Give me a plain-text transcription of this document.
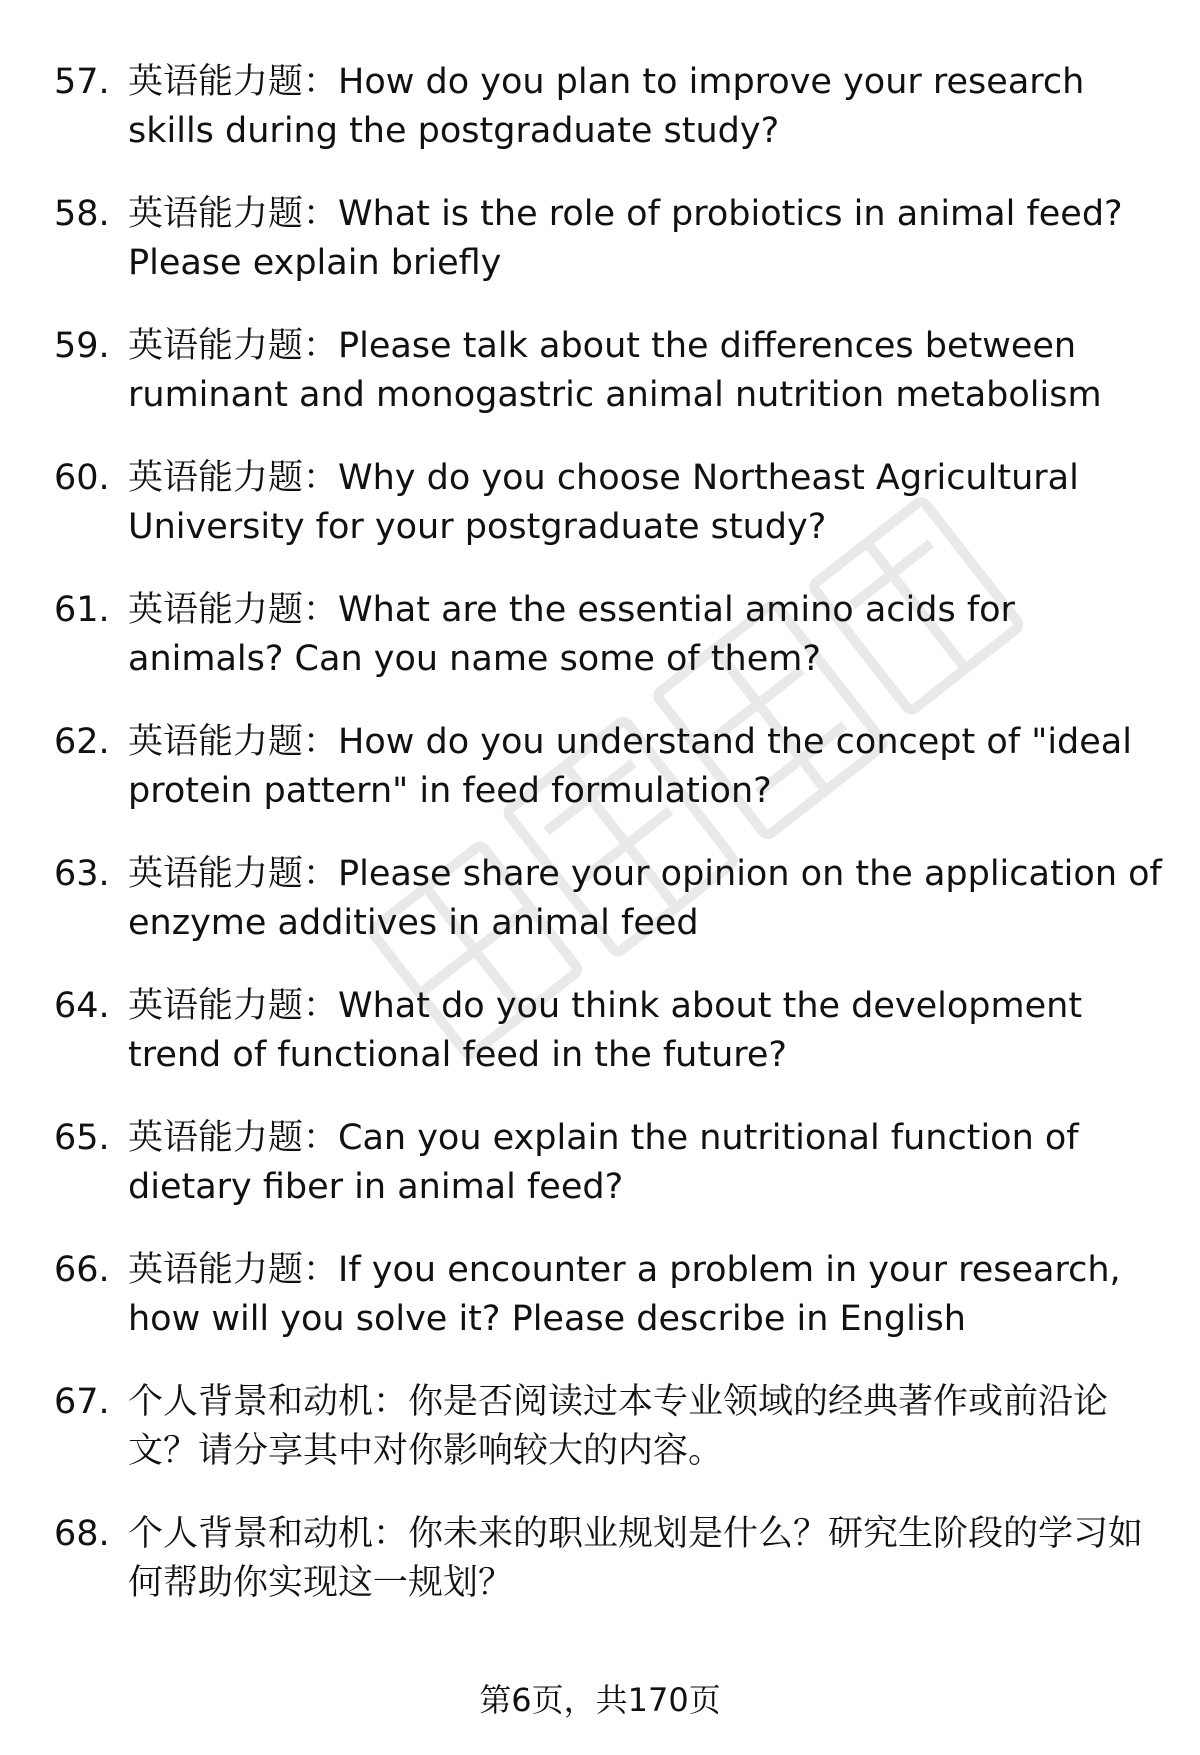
57. 英语能力题：How do you plan to improve your research skills during the postgraduate study?
58. 英语能力题：What is the role of probiotics in animal feed? Please explain briefly
59. 英语能力题：Please talk about the differences between ruminant and monogastric animal nutrition metabolism
60. 英语能力题：Why do you choose Northeast Agricultural University for your postgraduate study?
61. 英语能力题：What are the essential amino acids for animals? Can you name some of them?
62. 英语能力题：How do you understand the concept of "ideal protein pattern" in feed formulation?
63. 英语能力题：Please share your opinion on the application of enzyme additives in animal feed
64. 英语能力题：What do you think about the development trend of functional feed in the future?
65. 英语能力题：Can you explain the nutritional function of dietary fiber in animal feed?
66. 英语能力题：If you encounter a problem in your research, how will you solve it? Please describe in English
67. 个人背景和动机：你是否阅读过本专业领域的经典著作或前沿论文？请分享其中对你影响较大的内容。
68. 个人背景和动机：你未来的职业规划是什么？研究生阶段的学习如何帮助你实现这一规划？
第6页，共170页
